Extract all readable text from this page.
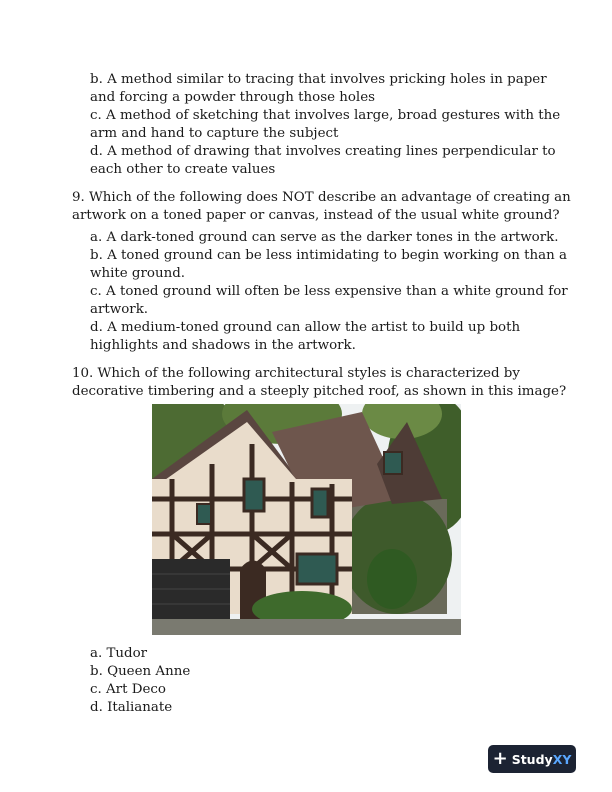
b. A method similar to tracing that involves pricking holes in paper
and forcing a powder through those holes
c. A method of sketching that involves large, broad gestures with the
arm and hand to capture the subject
d. A method of drawing that involves creating lines perpendicular to
each other to create values
9. Which of the following does NOT describe an advantage of creating an
artwork on a toned paper or canvas, instead of the usual white ground?
a. A dark-toned ground can serve as the darker tones in the artwork.
b. A toned ground can be less intimidating to begin working on than a
white ground.
c. A toned ground will often be less expensive than a white ground for
artwork.
d. A medium-toned ground can allow the artist to build up both
highlights and shadows in the artwork.
10. Which of the following architectural styles is characterized by
decorative timbering and a steeply pitched roof, as shown in this image?
a. Tudor
b. Queen Anne
c. Art Deco
d. Italianate
+ StudyXY
